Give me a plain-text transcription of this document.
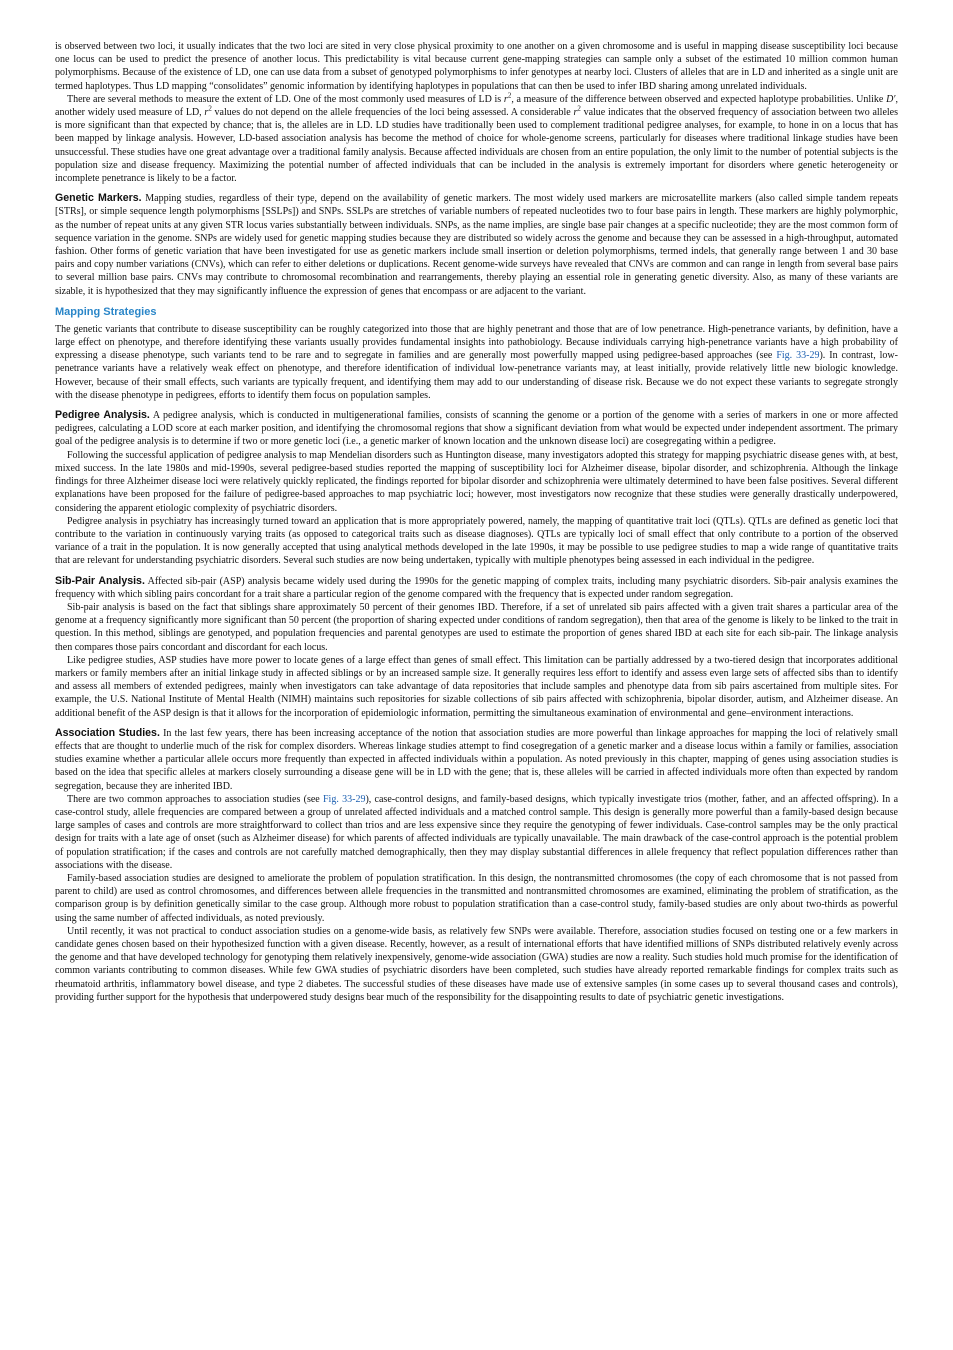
is observed between two loci, it usually indicates that the two loci are sited in very close physical proximity to one another on a given chromosome and is useful in mapping disease susceptibility loci because one locus can be used to predict the presence of another locus. This predictability is vital because current gene-mapping strategies can sample only a subset of the estimated 10 million common human polymorphisms. Because of the existence of LD, one can use data from a subset of genotyped polymorphisms to infer genotypes at nearby loci. Clusters of alleles that are in LD and inherited as a single unit are termed haplotypes. Thus LD mapping “consolidates” genomic information by identifying haplotypes in populations that can then be used to infer IBD sharing among unrelated individuals.

There are several methods to measure the extent of LD. One of the most commonly used measures of LD is $r^2$, a measure of the difference between observed and expected haplotype probabilities. Unlike D′, another widely used measure of LD, $r^2$ values do not depend on the allele frequencies of the loci being assessed. A considerable $r^2$ value indicates that the observed frequency of association between two alleles is more significant than that expected by chance; that is, the alleles are in LD. LD studies have traditionally been used to complement traditional pedigree analyses, for example, to hone in on a locus that has been mapped by linkage analysis. However, LD-based association analysis has become the method of choice for whole-genome screens, particularly for diseases where traditional linkage studies have been unsuccessful. These studies have one great advantage over a traditional family analysis. Because affected individuals are chosen from an entire population, the only limit to the number of potential subjects is the population size and disease frequency. Maximizing the potential number of affected individuals that can be included in the analysis is extremely important for disorders where genetic heterogeneity or incomplete penetrance is likely to be a factor.

Genetic Markers. Mapping studies, regardless of their type, depend on the availability of genetic markers. The most widely used markers are microsatellite markers (also called simple tandem repeats [STRs], or simple sequence length polymorphisms [SSLPs]) and SNPs. SSLPs are stretches of variable numbers of repeated nucleotides two to four base pairs in length. These markers are highly polymorphic, as the number of repeat units at any given STR locus varies substantially between individuals. SNPs, as the name implies, are single base pair changes at a specific nucleotide; they are the most common form of sequence variation in the genome. SNPs are widely used for genetic mapping studies because they are distributed so widely across the genome and because they can be assessed in a high-throughput, automated fashion. Other forms of genetic variation that have been investigated for use as genetic markers include small insertion or deletion polymorphisms, termed indels, that generally range between 1 and 30 base pairs and copy number variations (CNVs), which can refer to either deletions or duplications. Recent genome-wide surveys have revealed that CNVs are common and can range in length from several base pairs to several million base pairs. CNVs may contribute to chromosomal recombination and rearrangements, thereby playing an essential role in generating genetic diversity. Also, as many of these variants are sizable, it is hypothesized that they may significantly influence the expression of genes that encompass or are adjacent to the variant.

Mapping Strategies

The genetic variants that contribute to disease susceptibility can be roughly categorized into those that are highly penetrant and those that are of low penetrance. High-penetrance variants, by definition, have a large effect on phenotype, and therefore identifying these variants usually provides fundamental insights into pathobiology. Because individuals carrying high-penetrance variants have a high probability of expressing a disease phenotype, such variants tend to be rare and to segregate in families and are generally most powerfully mapped using pedigree-based approaches (see Fig. 33-29). In contrast, low-penetrance variants have a relatively weak effect on phenotype, and therefore identification of individual low-penetrance variants may, at least initially, provide relatively little new biologic knowledge. However, because of their small effects, such variants are typically frequent, and identifying them may add to our understanding of disease risk. Because we do not expect these variants to segregate strongly with the disease phenotype in pedigrees, efforts to identify them focus on population samples.

Pedigree Analysis. A pedigree analysis, which is conducted in multigenerational families, consists of scanning the genome or a portion of the genome with a series of markers in one or more affected pedigrees, calculating a LOD score at each marker position, and identifying the chromosomal regions that show a significant deviation from what would be expected under independent assortment. The primary goal of the pedigree analysis is to determine if two or more genetic loci (i.e., a genetic marker of known location and the unknown disease loci) are cosegregating within a pedigree.

Following the successful application of pedigree analysis to map Mendelian disorders such as Huntington disease, many investigators adopted this strategy for mapping psychiatric disease genes with, at best, mixed success. In the late 1980s and mid-1990s, several pedigree-based studies reported the mapping of susceptibility loci for Alzheimer disease, bipolar disorder, and schizophrenia. Although the linkage findings for three Alzheimer disease loci were relatively quickly replicated, the findings reported for bipolar disorder and schizophrenia were ultimately determined to have been false positives. Several different explanations have been proposed for the failure of pedigree-based approaches to map psychiatric loci; however, most investigators now recognize that these studies were generally drastically underpowered, considering the apparent etiologic complexity of psychiatric disorders.

Pedigree analysis in psychiatry has increasingly turned toward an application that is more appropriately powered, namely, the mapping of quantitative trait loci (QTLs). QTLs are defined as genetic loci that contribute to the variation in continuously varying traits (as opposed to categorical traits such as disease diagnoses). QTLs are typically loci of small effect that only contribute to a portion of the observed variance of a trait in the population. It is now generally accepted that using analytical methods developed in the late 1990s, it may be possible to use pedigree studies to map a wide range of quantitative traits that are relevant for understanding psychiatric disorders. Several such studies are now being undertaken, typically with multiple phenotypes being assessed in each individual in the pedigree.

Sib-Pair Analysis. Affected sib-pair (ASP) analysis became widely used during the 1990s for the genetic mapping of complex traits, including many psychiatric disorders. Sib-pair analysis examines the frequency with which sibling pairs concordant for a trait share a particular region of the genome compared with the frequency that is expected under random segregation.

Sib-pair analysis is based on the fact that siblings share approximately 50 percent of their genomes IBD. Therefore, if a set of unrelated sib pairs affected with a given trait shares a particular area of the genome at a frequency significantly more significant than 50 percent (the proportion of sharing expected under conditions of random segregation), then that area of the genome is likely to be linked to the trait in question. In this method, siblings are genotyped, and population frequencies and parental genotypes are used to estimate the proportion of genes shared IBD at each site for each sib-pair. The linkage analysis then compares those pairs concordant and discordant for each locus.

Like pedigree studies, ASP studies have more power to locate genes of a large effect than genes of small effect. This limitation can be partially addressed by a two-tiered design that incorporates additional markers or family members after an initial linkage study in affected siblings or by an increased sample size. It generally requires less effort to identify and assess even large sets of affected sibs than to identify and assess all members of extended pedigrees, mainly when investigators can take advantage of data repositories that include samples and phenotype data from sib pairs ascertained from multiple sites. For example, the U.S. National Institute of Mental Health (NIMH) maintains such repositories for sizable collections of sib pairs affected with schizophrenia, bipolar disorder, autism, and Alzheimer disease. An additional benefit of the ASP design is that it allows for the incorporation of epidemiologic information, permitting the simultaneous examination of environmental and gene–environment interactions.

Association Studies. In the last few years, there has been increasing acceptance of the notion that association studies are more powerful than linkage approaches for mapping the loci of relatively small effects that are thought to underlie much of the risk for complex disorders. Whereas linkage studies attempt to find cosegregation of a genetic marker and a disease locus within a family or families, association studies examine whether a particular allele occurs more frequently than expected in affected individuals within a population. As noted previously in this chapter, mapping of genes using association studies is based on the idea that specific alleles at markers closely surrounding a disease gene will be in LD with the gene; that is, these alleles will be carried in affected individuals more often than expected by random segregation, because they are inherited IBD.

There are two common approaches to association studies (see Fig. 33-29), case-control designs, and family-based designs, which typically investigate trios (mother, father, and an affected offspring). In a case-control study, allele frequencies are compared between a group of unrelated affected individuals and a matched control sample. This design is generally more powerful than a family-based design because large samples of cases and controls are more straightforward to collect than trios and are less expensive since they require the genotyping of fewer individuals. Case-control samples may be the only practical design for traits with a late age of onset (such as Alzheimer disease) for which parents of affected individuals are typically unavailable. The main drawback of the case-control approach is the potential problem of population stratification; if the cases and controls are not carefully matched demographically, then they may display substantial differences in allele frequency that reflect population differences rather than associations with the disease.

Family-based association studies are designed to ameliorate the problem of population stratification. In this design, the nontransmitted chromosomes (the copy of each chromosome that is not passed from parent to child) are used as control chromosomes, and differences between allele frequencies in the transmitted and nontransmitted chromosomes are examined, eliminating the problem of stratification, as the comparison group is by definition genetically similar to the case group. Although more robust to population stratification than a case-control study, family-based studies are only about two-thirds as powerful using the same number of affected individuals, as noted previously.

Until recently, it was not practical to conduct association studies on a genome-wide basis, as relatively few SNPs were available. Therefore, association studies focused on testing one or a few markers in candidate genes chosen based on their hypothesized function with a given disease. Recently, however, as a result of international efforts that have identified millions of SNPs distributed relatively evenly across the genome and that have developed technology for genotyping them relatively inexpensively, genome-wide association (GWA) studies are now a reality. Such studies hold much promise for the identification of common variants contributing to common diseases. While few GWA studies of psychiatric disorders have been completed, such studies have already reported remarkable findings for complex traits such as rheumatoid arthritis, inflammatory bowel disease, and type 2 diabetes. The successful studies of these diseases have made use of extensive samples (in some cases up to several thousand cases and controls), providing further support for the hypothesis that underpowered study designs bear much of the responsibility for the disappointing results to date of psychiatric genetic investigations.
